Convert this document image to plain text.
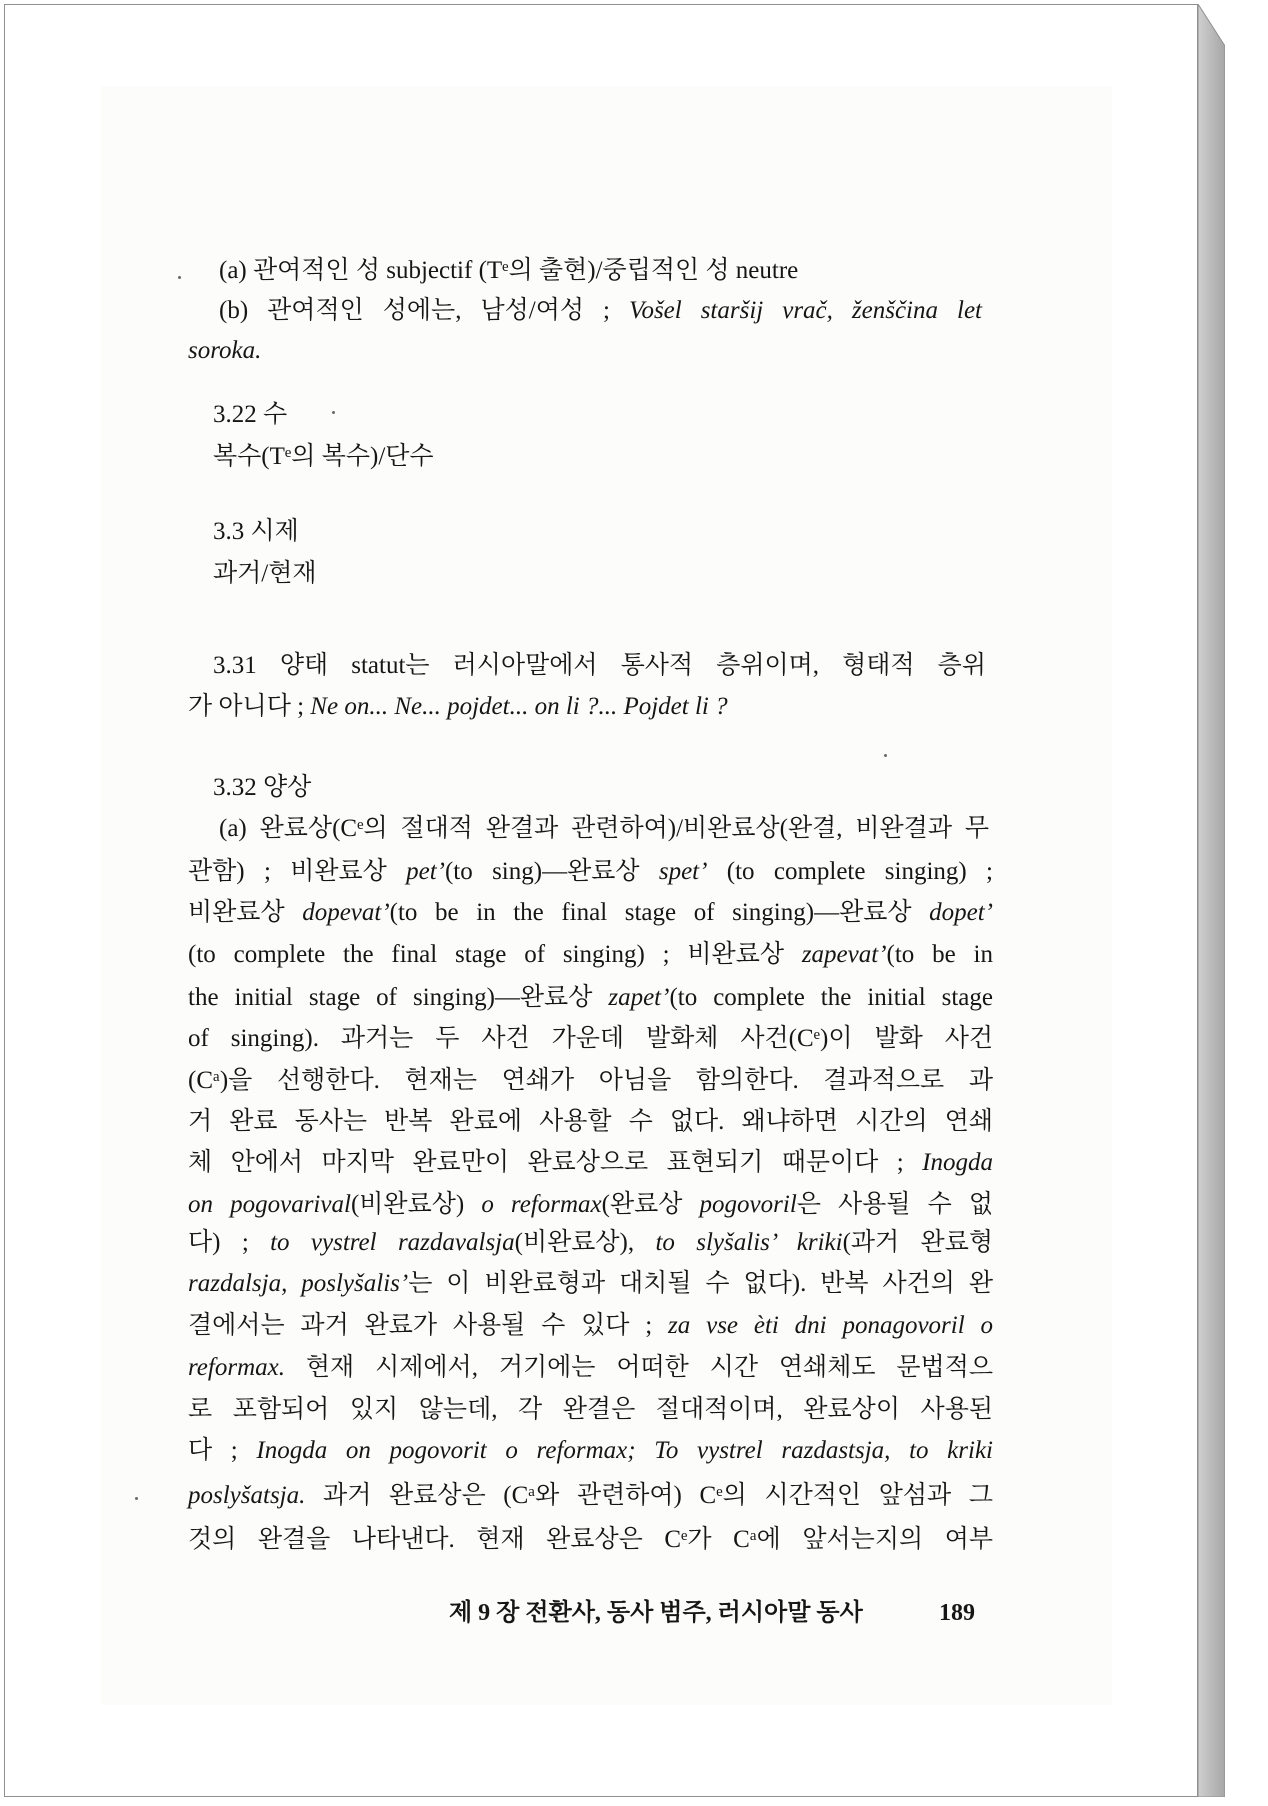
(a) 관여적인 성 subjectif (Tᵉ의 출현)/중립적인 성 neutre
(b) 관여적인 성에는, 남성/여성 ; Vošel staršij vrač, ženščina let
soroka.
3.22 수
복수(Tᵉ의 복수)/단수
3.3 시제
과거/현재
3.31 양태 statut는 러시아말에서 통사적 층위이며, 형태적 층위
가 아니다 ; Ne on... Ne... pojdet... on li ?... Pojdet li ?
3.32 양상
(a) 완료상(Cᵉ의 절대적 완결과 관련하여)/비완료상(완결, 비완결과 무
관함) ; 비완료상 pet’(to sing)—완료상 spet’ (to complete singing) ;
비완료상 dopevat’(to be in the final stage of singing)—완료상 dopet’
(to complete the final stage of singing) ; 비완료상 zapevat’(to be in
the initial stage of singing)—완료상 zapet’(to complete the initial stage
of singing). 과거는 두 사건 가운데 발화체 사건(Cᵉ)이 발화 사건
(Cᵃ)을 선행한다. 현재는 연쇄가 아님을 함의한다. 결과적으로 과
거 완료 동사는 반복 완료에 사용할 수 없다. 왜냐하면 시간의 연쇄
체 안에서 마지막 완료만이 완료상으로 표현되기 때문이다 ; Inogda
on pogovarival(비완료상) o reformax(완료상 pogovoril은 사용될 수 없
다) ; to vystrel razdavalsja(비완료상), to slyšalis’ kriki(과거 완료형
razdalsja, poslyšalis’는 이 비완료형과 대치될 수 없다). 반복 사건의 완
결에서는 과거 완료가 사용될 수 있다 ; za vse èti dni ponagovoril o
reformax. 현재 시제에서, 거기에는 어떠한 시간 연쇄체도 문법적으
로 포함되어 있지 않는데, 각 완결은 절대적이며, 완료상이 사용된
다 ; Inogda on pogovorit o reformax; To vystrel razdastsja, to kriki
poslyšatsja. 과거 완료상은 (Cᵃ와 관련하여) Cᵉ의 시간적인 앞섬과 그
것의 완결을 나타낸다. 현재 완료상은 Cᵉ가 Cᵃ에 앞서는지의 여부
제 9 장 전환사, 동사 범주, 러시아말 동사	189
